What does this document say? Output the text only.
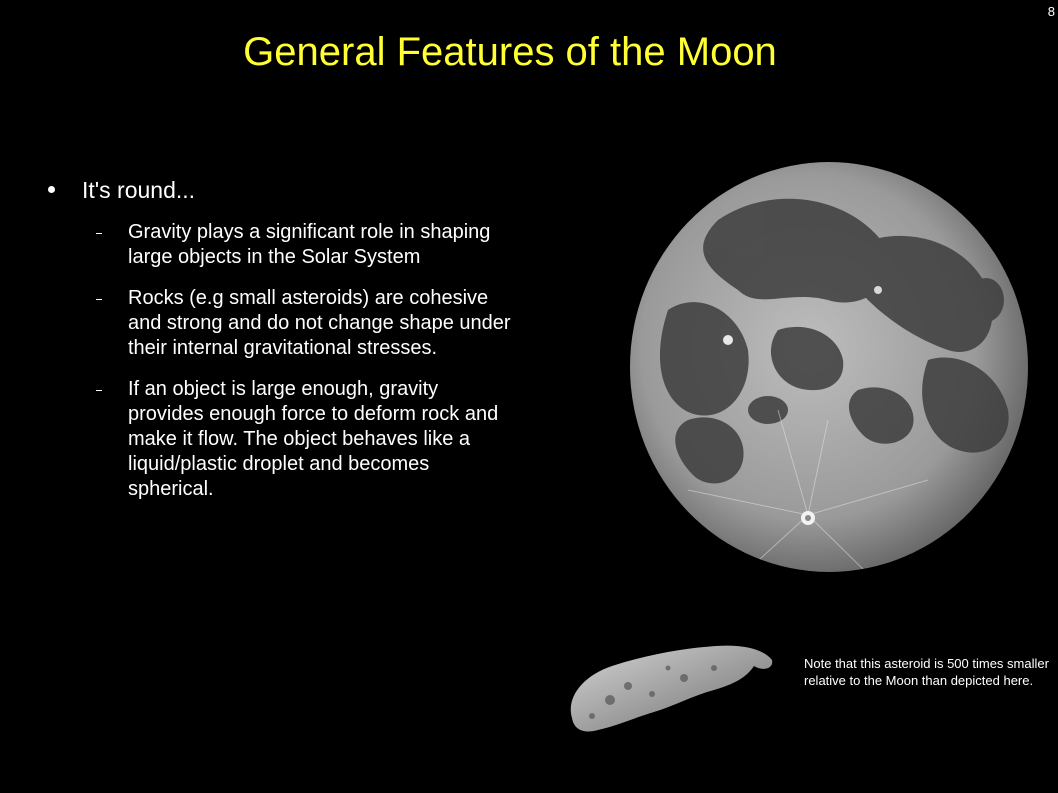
8
General Features of the Moon
It's round...
Gravity plays a significant role in shaping large objects in the Solar System
Rocks (e.g small asteroids) are cohesive and strong and do not change shape under their internal gravitational stresses.
If an object is large enough, gravity provides enough force to deform rock and make it flow. The object behaves like a liquid/plastic droplet and becomes spherical.
Note that this asteroid is 500 times smaller relative to the Moon than depicted here.
